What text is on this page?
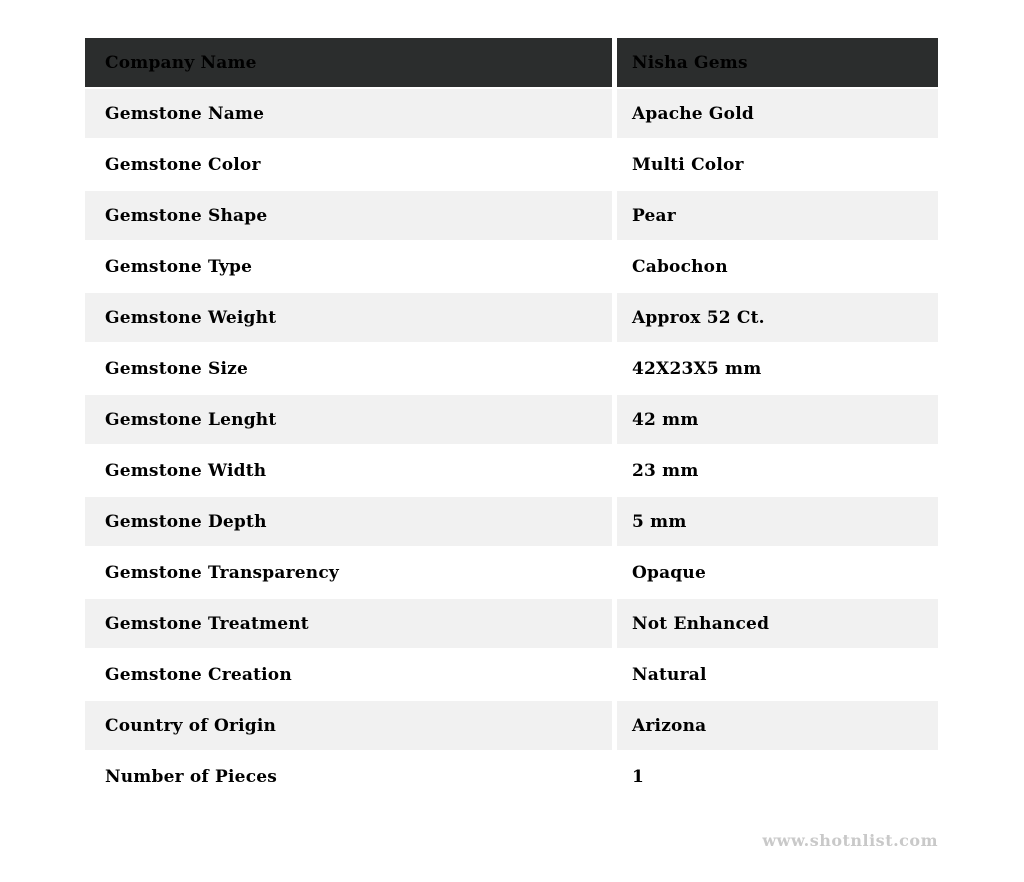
Company Name	Nisha Gems
Gemstone Name	Apache Gold
Gemstone Color	Multi Color
Gemstone Shape	Pear
Gemstone Type	Cabochon
Gemstone Weight	Approx 52 Ct.
Gemstone Size	42X23X5 mm
Gemstone Lenght	42 mm
Gemstone Width	23 mm
Gemstone Depth	5 mm
Gemstone Transparency	Opaque
Gemstone Treatment	Not Enhanced
Gemstone Creation	Natural
Country of Origin	Arizona
Number of Pieces	1
www.shotnlist.com
